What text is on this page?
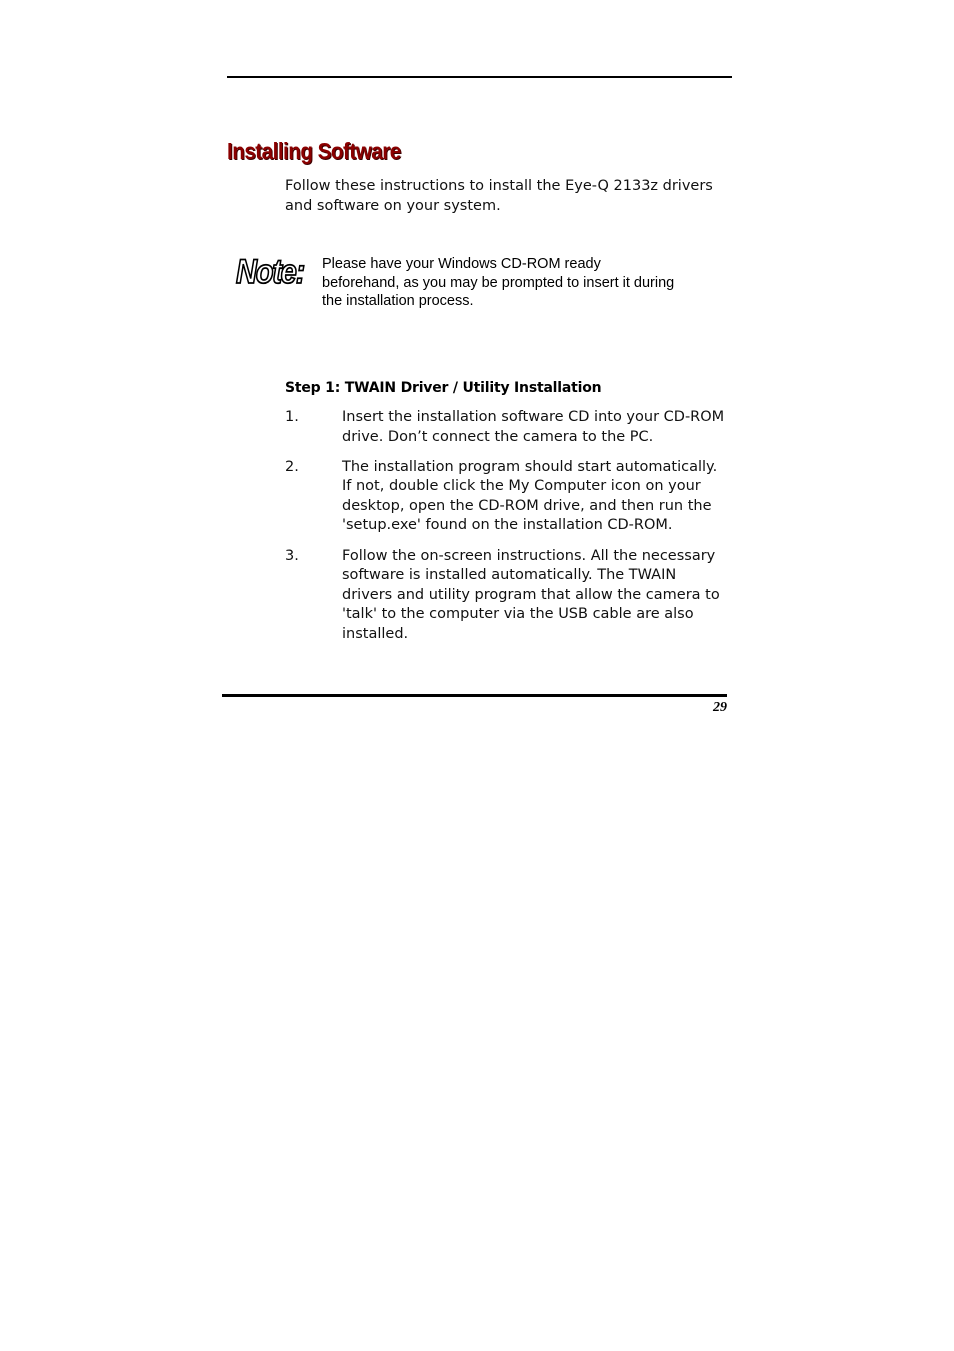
Installing Software
Follow these instructions to install the Eye-Q 2133z drivers and software on your system.
Note: Please have your Windows CD-ROM ready beforehand, as you may be prompted to insert it during the installation process.
Step 1: TWAIN Driver / Utility Installation
1.	Insert the installation software CD into your CD-ROM drive. Don’t connect the camera to the PC.
2.	The installation program should start automatically. If not, double click the My Computer icon on your desktop, open the CD-ROM drive, and then run the 'setup.exe' found on the installation CD-ROM.
3.	Follow the on-screen instructions. All the necessary software is installed automatically. The TWAIN drivers and utility program that allow the camera to 'talk' to the computer via the USB cable are also installed.
29
